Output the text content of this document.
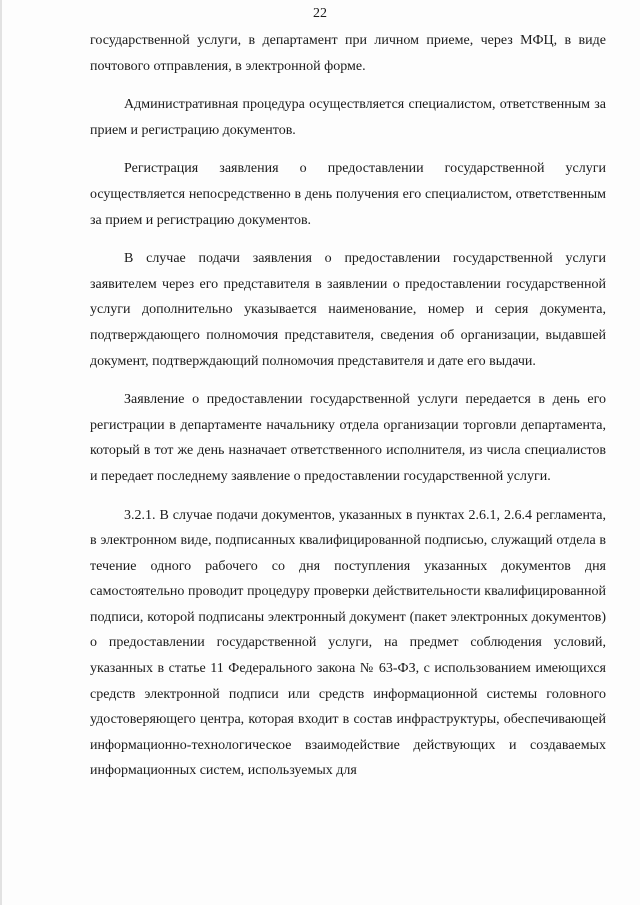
22

государственной услуги, в департамент при личном приеме, через МФЦ, в виде почтового отправления, в электронной форме.

Административная процедура осуществляется специалистом, ответственным за прием и регистрацию документов.

Регистрация заявления о предоставлении государственной услуги осуществляется непосредственно в день получения его специалистом, ответственным за прием и регистрацию документов.

В случае подачи заявления о предоставлении государственной услуги заявителем через его представителя в заявлении о предоставлении государственной услуги дополнительно указывается наименование, номер и серия документа, подтверждающего полномочия представителя, сведения об организации, выдавшей документ, подтверждающий полномочия представителя и дате его выдачи.

Заявление о предоставлении государственной услуги передается в день его регистрации в департаменте начальнику отдела организации торговли департамента, который в тот же день назначает ответственного исполнителя, из числа специалистов и передает последнему заявление о предоставлении государственной услуги.

3.2.1. В случае подачи документов, указанных в пунктах 2.6.1, 2.6.4 регламента, в электронном виде, подписанных квалифицированной подписью, служащий отдела в течение одного рабочего со дня поступления указанных документов дня самостоятельно проводит процедуру проверки действительности квалифицированной подписи, которой подписаны электронный документ (пакет электронных документов) о предоставлении государственной услуги, на предмет соблюдения условий, указанных в статье 11 Федерального закона № 63-ФЗ, с использованием имеющихся средств электронной подписи или средств информационной системы головного удостоверяющего центра, которая входит в состав инфраструктуры, обеспечивающей информационно-технологическое взаимодействие действующих и создаваемых информационных систем, используемых для
